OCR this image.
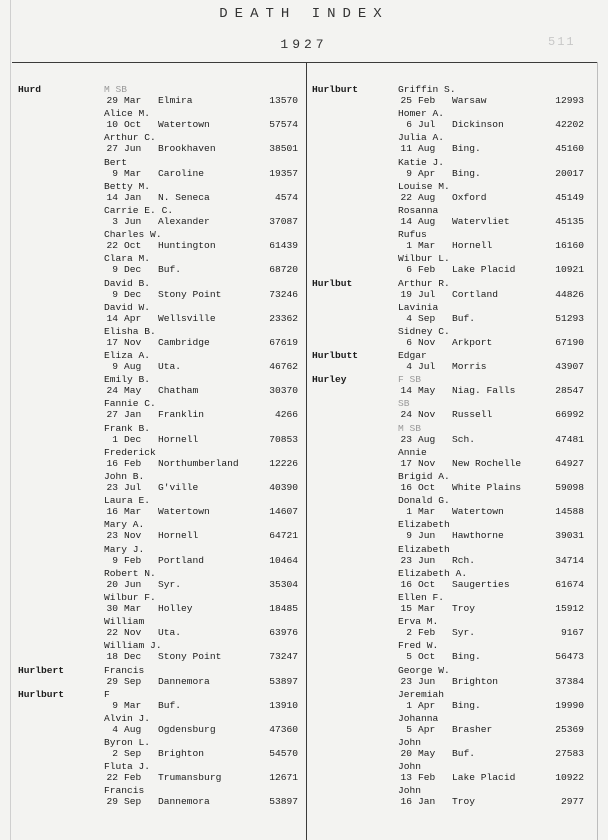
DEATH INDEX
1927	511
Hurd	M SB
29 Mar Elmira	13570
Alice M.
10 Oct Watertown	57574
Arthur C.
27 Jun Brookhaven	38501
Bert
9 Mar Caroline	19357
Betty M.
14 Jan N. Seneca	4574
Carrie E. C.
3 Jun Alexander	37087
Charles W.
22 Oct Huntington	61439
Clara M.
9 Dec Buf.	68720
David B.
9 Dec Stony Point	73246
David W.
14 Apr Wellsville	23362
Elisha B.
17 Nov Cambridge	67619
Eliza A.
9 Aug Uta.	46762
Emily B.
24 May Chatham	30370
Fannie C.
27 Jan Franklin	4266
Frank B.
1 Dec Hornell	70853
Frederick
16 Feb Northumberland	12226
John B.
23 Jul G'ville	40390
Laura E.
16 Mar Watertown	14607
Mary A.
23 Nov Hornell	64721
Mary J.
9 Feb Portland	10464
Robert N.
20 Jun Syr.	35304
Wilbur F.
30 Mar Holley	18485
William
22 Nov Uta.	63976
William J.
18 Dec Stony Point	73247
Hurlbert	Francis
29 Sep Dannemora	53897
Hurlburt	F
9 Mar Buf.	13910
Alvin J.
4 Aug Ogdensburg	47360
Byron L.
2 Sep Brighton	54570
Fluta J.
22 Feb Trumansburg	12671
Francis
29 Sep Dannemora	53897
Hurlburt	Griffin S.
25 Feb Warsaw	12993
Homer A.
6 Jul Dickinson	42202
Julia A.
11 Aug Bing.	45160
Katie J.
9 Apr Bing.	20017
Louise M.
22 Aug Oxford	45149
Rosanna
14 Aug Watervliet	45135
Rufus
1 Mar Hornell	16160
Wilbur L.
6 Feb Lake Placid	10921
Hurlbut	Arthur R.
19 Jul Cortland	44826
Lavinia
4 Sep Buf.	51293
Sidney C.
6 Nov Arkport	67190
Hurlbutt	Edgar
4 Jul Morris	43907
Hurley	F SB
14 May Niag. Falls	28547
SB
24 Nov Russell	66992
M SB
23 Aug Sch.	47481
Annie
17 Nov New Rochelle	64927
Brigid A.
16 Oct White Plains	59098
Donald G.
1 Mar Watertown	14588
Elizabeth
9 Jun Hawthorne	39031
Elizabeth
23 Jun Rch.	34714
Elizabeth A.
16 Oct Saugerties	61674
Ellen F.
15 Mar Troy	15912
Erva M.
2 Feb Syr.	9167
Fred W.
5 Oct Bing.	56473
George W.
23 Jun Brighton	37384
Jeremiah
1 Apr Bing.	19990
Johanna
5 Apr Brasher	25369
John
20 May Buf.	27583
John
13 Feb Lake Placid	10922
John
16 Jan Troy	2977
